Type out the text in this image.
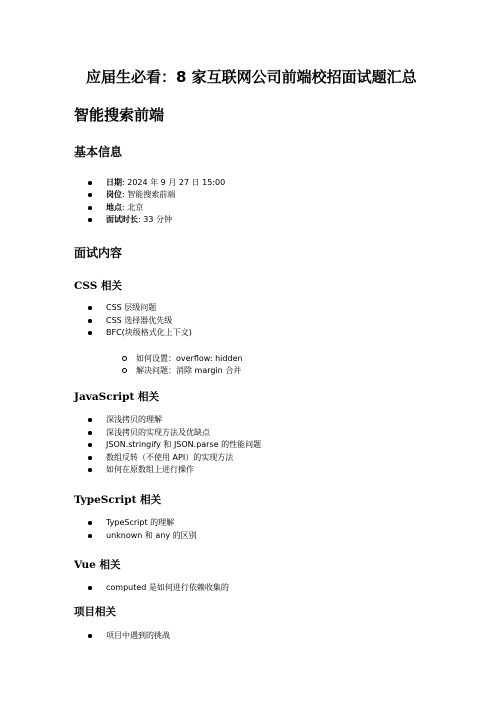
应届生必看：8 家互联网公司前端校招面试题汇总
智能搜索前端
基本信息
日期: 2024 年 9 月 27 日 15:00
岗位: 智能搜索前端
地点: 北京
面试时长: 33 分钟
面试内容
CSS 相关
CSS 层级问题
CSS 选择器优先级
BFC(块级格式化上下文)
如何设置：overflow: hidden
解决问题：消除 margin 合并
JavaScript 相关
深浅拷贝的理解
深浅拷贝的实现方法及优缺点
JSON.stringify 和 JSON.parse 的性能问题
数组反转（不使用 API）的实现方法
如何在原数组上进行操作
TypeScript 相关
TypeScript 的理解
unknown 和 any 的区别
Vue 相关
computed 是如何进行依赖收集的
项目相关
项目中遇到的挑战
